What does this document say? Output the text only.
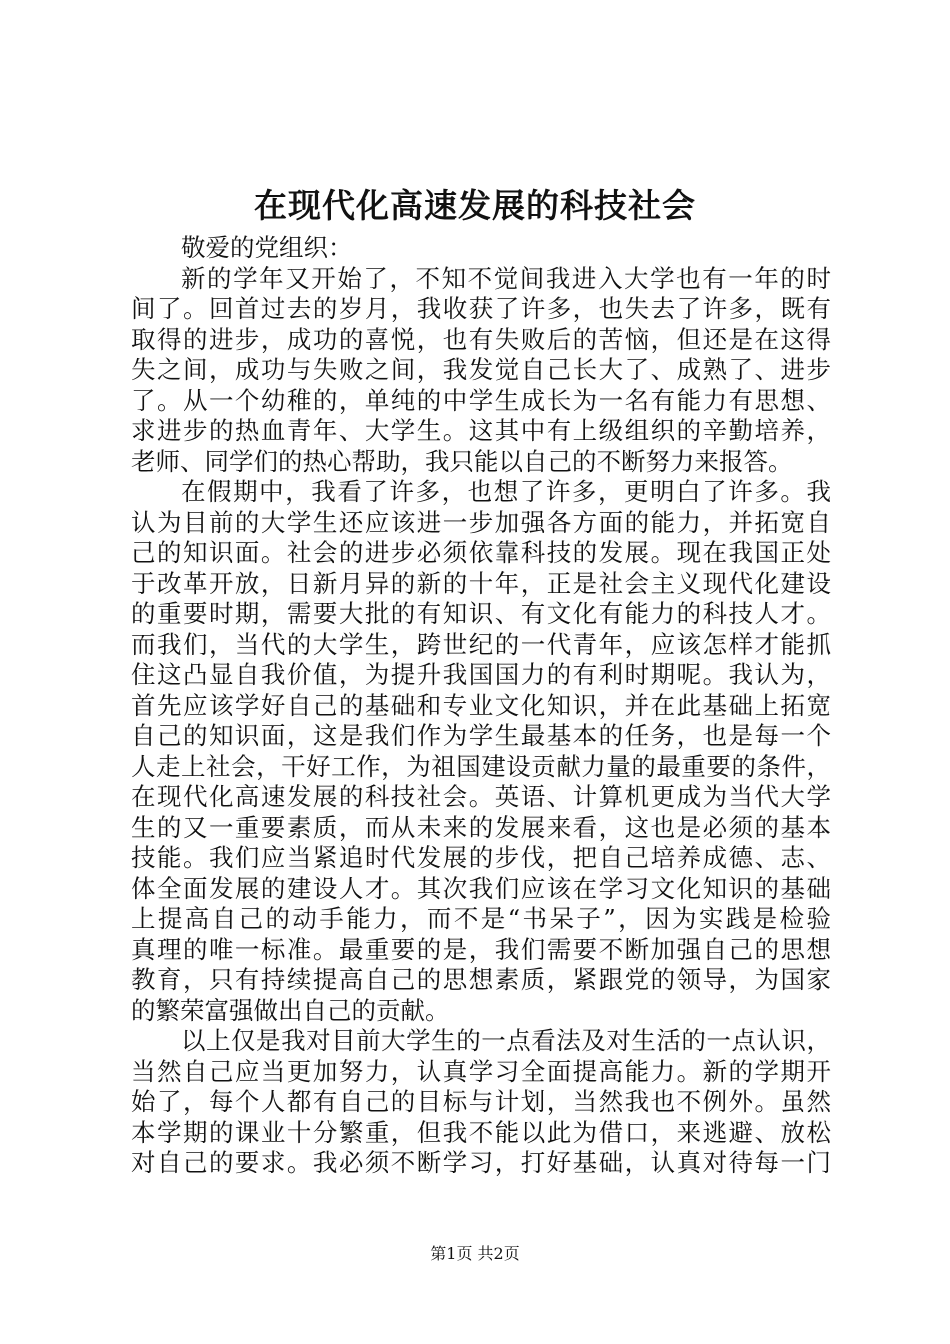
在现代化高速发展的科技社会
敬爱的党组织：
新的学年又开始了，不知不觉间我进入大学也有一年的时
间了。回首过去的岁月，我收获了许多，也失去了许多，既有
取得的进步，成功的喜悦，也有失败后的苦恼，但还是在这得
失之间，成功与失败之间，我发觉自己长大了、成熟了、进步
了。从一个幼稚的，单纯的中学生成长为一名有能力有思想、
求进步的热血青年、大学生。这其中有上级组织的辛勤培养，
老师、同学们的热心帮助，我只能以自己的不断努力来报答。
在假期中，我看了许多，也想了许多，更明白了许多。我
认为目前的大学生还应该进一步加强各方面的能力，并拓宽自
己的知识面。社会的进步必须依靠科技的发展。现在我国正处
于改革开放，日新月异的新的十年，正是社会主义现代化建设
的重要时期，需要大批的有知识、有文化有能力的科技人才。
而我们，当代的大学生，跨世纪的一代青年，应该怎样才能抓
住这凸显自我价值，为提升我国国力的有利时期呢。我认为，
首先应该学好自己的基础和专业文化知识，并在此基础上拓宽
自己的知识面，这是我们作为学生最基本的任务，也是每一个
人走上社会，干好工作，为祖国建设贡献力量的最重要的条件，
在现代化高速发展的科技社会。英语、计算机更成为当代大学
生的又一重要素质，而从未来的发展来看，这也是必须的基本
技能。我们应当紧追时代发展的步伐，把自己培养成德、志、
体全面发展的建设人才。其次我们应该在学习文化知识的基础
上提高自己的动手能力，而不是“书呆子”，因为实践是检验
真理的唯一标准。最重要的是，我们需要不断加强自己的思想
教育，只有持续提高自己的思想素质，紧跟党的领导，为国家
的繁荣富强做出自己的贡献。
以上仅是我对目前大学生的一点看法及对生活的一点认识，
当然自己应当更加努力，认真学习全面提高能力。新的学期开
始了，每个人都有自己的目标与计划，当然我也不例外。虽然
本学期的课业十分繁重，但我不能以此为借口，来逃避、放松
对自己的要求。我必须不断学习，打好基础，认真对待每一门
第1页 共2页
